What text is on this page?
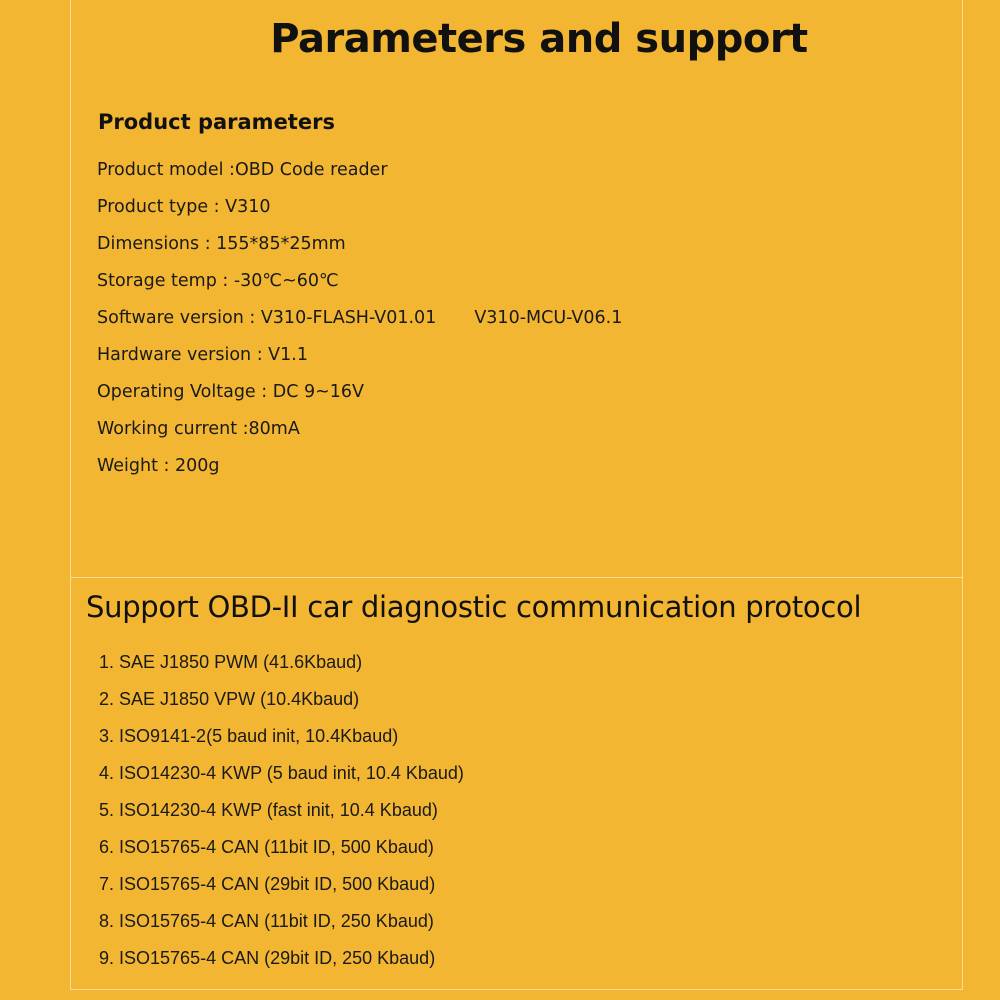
Parameters and support
Product parameters
Product model :OBD Code reader
Product type : V310
Dimensions : 155*85*25mm
Storage temp : -30℃~60℃
Software version : V310-FLASH-V01.01 V310-MCU-V06.1
Hardware version : V1.1
Operating Voltage : DC 9~16V
Working current :80mA
Weight : 200g
Support OBD-II car diagnostic communication protocol
1. SAE J1850 PWM (41.6Kbaud)
2. SAE J1850 VPW (10.4Kbaud)
3. ISO9141-2(5 baud init, 10.4Kbaud)
4. ISO14230-4 KWP (5 baud init, 10.4 Kbaud)
5. ISO14230-4 KWP (fast init, 10.4 Kbaud)
6. ISO15765-4 CAN (11bit ID, 500 Kbaud)
7. ISO15765-4 CAN (29bit ID, 500 Kbaud)
8. ISO15765-4 CAN (11bit ID, 250 Kbaud)
9. ISO15765-4 CAN (29bit ID, 250 Kbaud)
